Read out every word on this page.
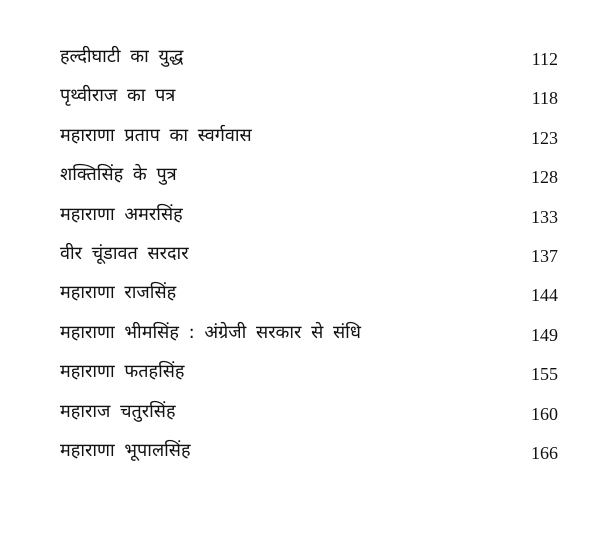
हल्दीघाटी का युद्ध	112
पृथ्वीराज का पत्र	118
महाराणा प्रताप का स्वर्गवास	123
शक्तिसिंह के पुत्र	128
महाराणा अमरसिंह	133
वीर चूंडावत सरदार	137
महाराणा राजसिंह	144
महाराणा भीमसिंह : अंग्रेजी सरकार से संधि	149
महाराणा फतहसिंह	155
महाराज चतुरसिंह	160
महाराणा भूपालसिंह	166
